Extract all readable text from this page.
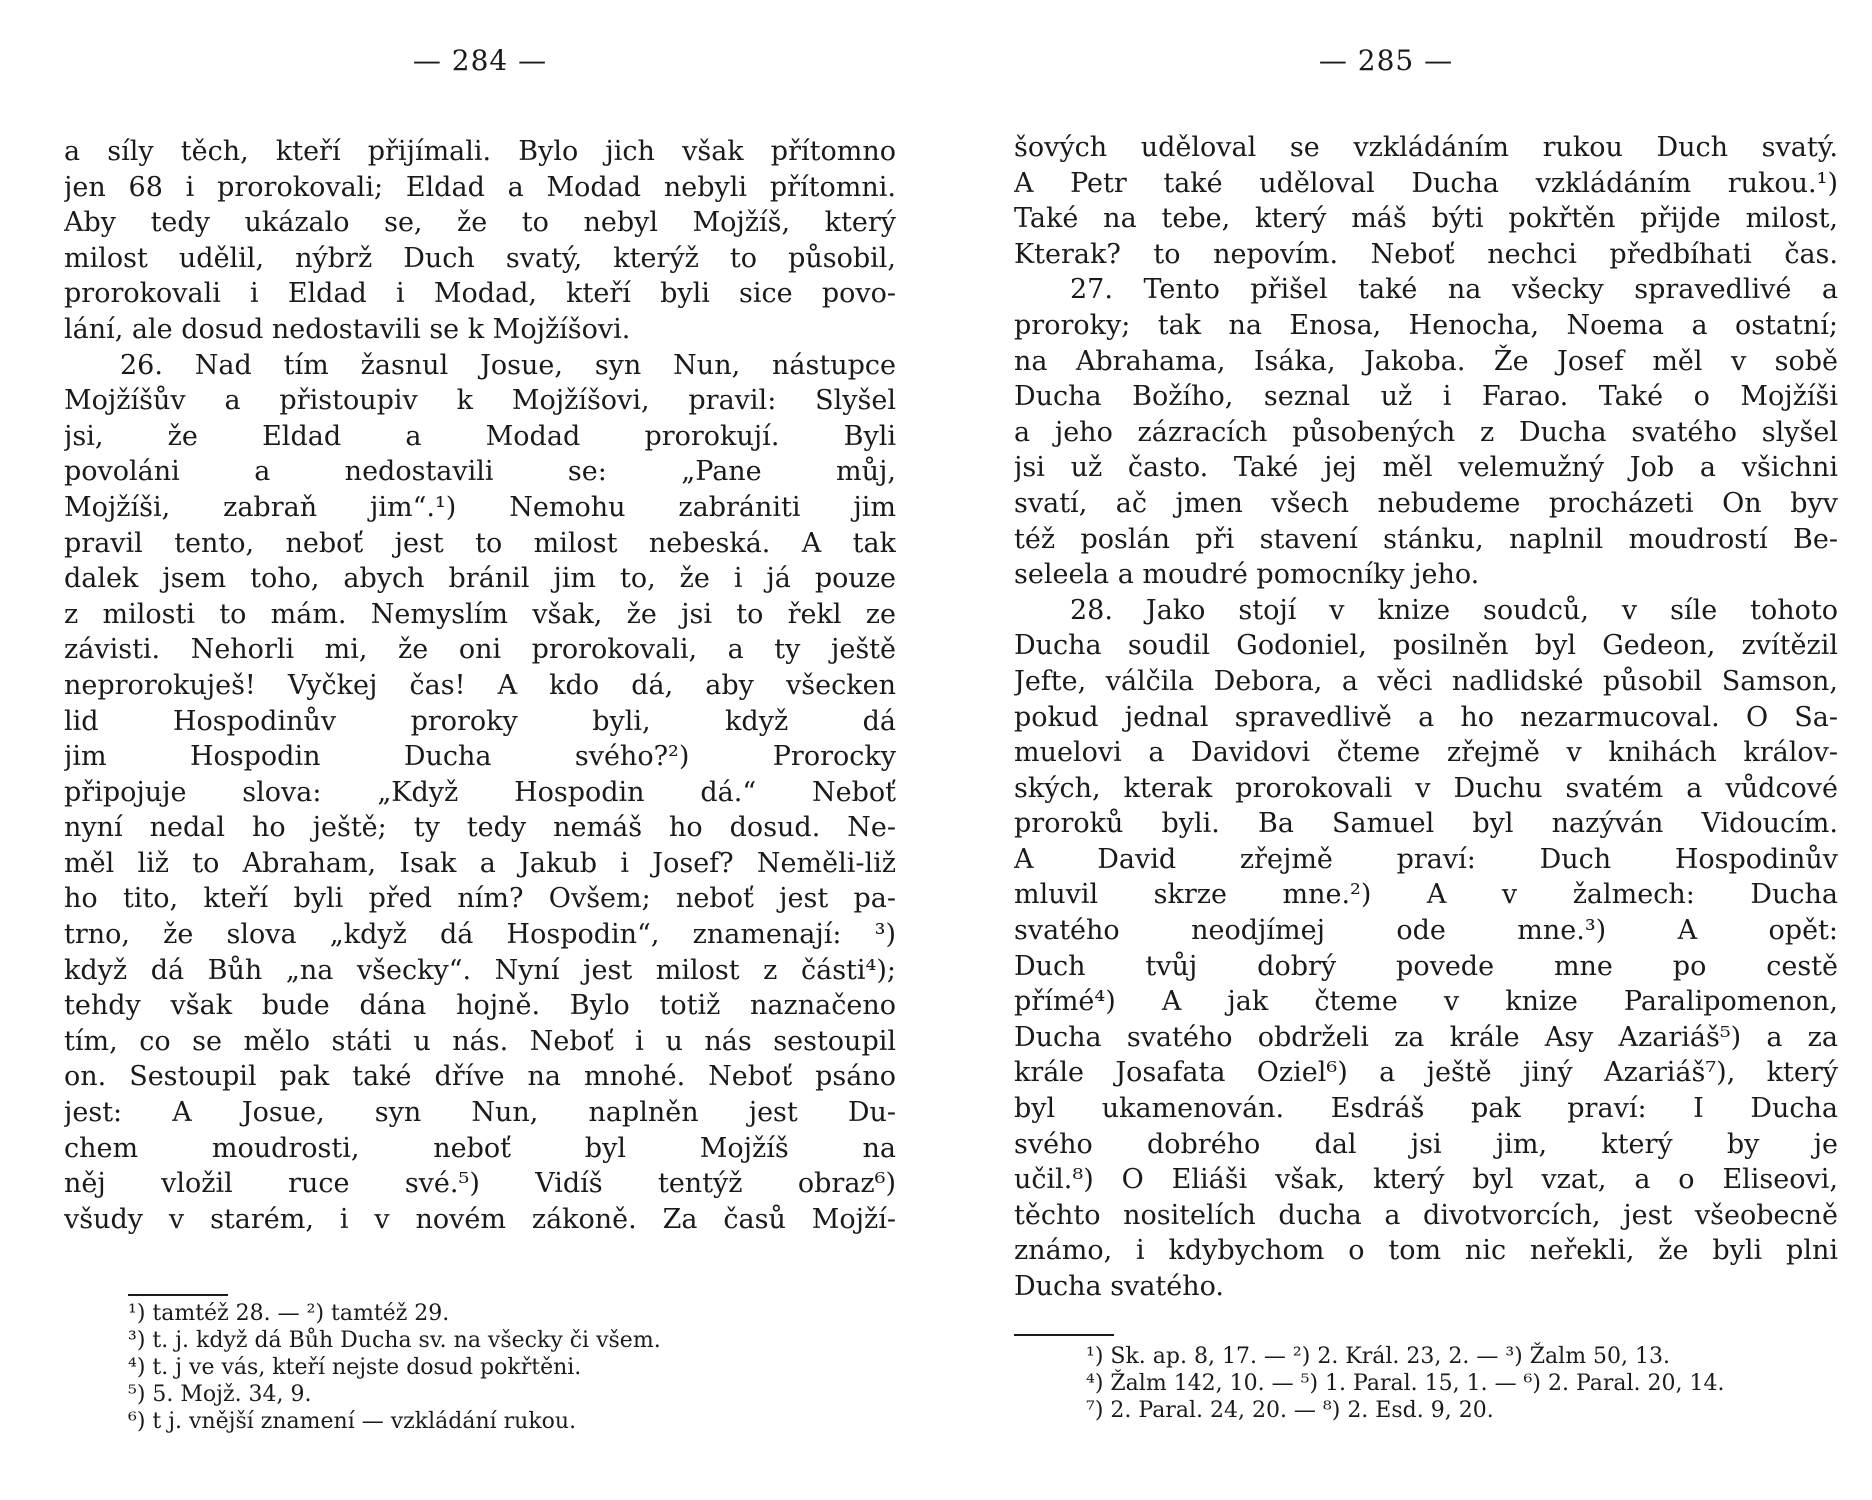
— 284 —
a síly těch, kteří přijímali. Bylo jich však přítomno
jen 68 i prorokovali; Eldad a Modad nebyli přítomni.
Aby tedy ukázalo se, že to nebyl Mojžíš, který
milost udělil, nýbrž Duch svatý, kterýž to působil,
prorokovali i Eldad i Modad, kteří byli sice povo-
lání, ale dosud nedostavili se k Mojžíšovi.
26. Nad tím žasnul Josue, syn Nun, nástupce
Mojžíšův a přistoupiv k Mojžíšovi, pravil: Slyšel
jsi, že Eldad a Modad prorokují. Byli
povoláni a nedostavili se: „Pane můj,
Mojžíši, zabraň jim“.¹) Nemohu zabrániti jim
pravil tento, neboť jest to milost nebeská. A tak
dalek jsem toho, abych bránil jim to, že i já pouze
z milosti to mám. Nemyslím však, že jsi to řekl ze
závisti. Nehorli mi, že oni prorokovali, a ty ještě
neprorokuješ! Vyčkej čas! A kdo dá, aby všecken
lid Hospodinův proroky byli, když dá
jim Hospodin Ducha svého?²) Prorocky
připojuje slova: „Když Hospodin dá.“ Neboť
nyní nedal ho ještě; ty tedy nemáš ho dosud. Ne-
měl liž to Abraham, Isak a Jakub i Josef? Neměli-liž
ho tito, kteří byli před ním? Ovšem; neboť jest pa-
trno, že slova „když dá Hospodin“, znamenají: ³)
když dá Bůh „na všecky“. Nyní jest milost z části⁴);
tehdy však bude dána hojně. Bylo totiž naznačeno
tím, co se mělo státi u nás. Neboť i u nás sestoupil
on. Sestoupil pak také dříve na mnohé. Neboť psáno
jest: A Josue, syn Nun, naplněn jest Du-
chem moudrosti, neboť byl Mojžíš na
něj vložil ruce své.⁵) Vidíš tentýž obraz⁶)
všudy v starém, i v novém zákoně. Za časů Mojží-
¹) tamtéž 28. — ²) tamtéž 29.
³) t. j. když dá Bůh Ducha sv. na všecky či všem.
⁴) t. j ve vás, kteří nejste dosud pokřtěni.
⁵) 5. Mojž. 34, 9.
⁶) t j. vnější znamení — vzkládání rukou.
— 285 —
šových uděloval se vzkládáním rukou Duch svatý.
A Petr také uděloval Ducha vzkládáním rukou.¹)
Také na tebe, který máš býti pokřtěn přijde milost,
Kterak? to nepovím. Neboť nechci předbíhati čas.
27. Tento přišel také na všecky spravedlivé a
proroky; tak na Enosa, Henocha, Noema a ostatní;
na Abrahama, Isáka, Jakoba. Že Josef měl v sobě
Ducha Božího, seznal už i Farao. Také o Mojžíši
a jeho zázracích působených z Ducha svatého slyšel
jsi už často. Také jej měl velemužný Job a všichni
svatí, ač jmen všech nebudeme procházeti On byv
též poslán při stavení stánku, naplnil moudrostí Be-
seleela a moudré pomocníky jeho.
28. Jako stojí v knize soudců, v síle tohoto
Ducha soudil Godoniel, posilněn byl Gedeon, zvítězil
Jefte, válčila Debora, a věci nadlidské působil Samson,
pokud jednal spravedlivě a ho nezarmucoval. O Sa-
muelovi a Davidovi čteme zřejmě v knihách králov-
ských, kterak prorokovali v Duchu svatém a vůdcové
proroků byli. Ba Samuel byl nazýván Vidoucím.
A David zřejmě praví: Duch Hospodinův
mluvil skrze mne.²) A v žalmech: Ducha
svatého neodjímej ode mne.³) A opět:
Duch tvůj dobrý povede mne po cestě
přímé⁴) A jak čteme v knize Paralipomenon,
Ducha svatého obdrželi za krále Asy Azariáš⁵) a za
krále Josafata Oziel⁶) a ještě jiný Azariáš⁷), který
byl ukamenován. Esdráš pak praví: I Ducha
svého dobrého dal jsi jim, který by je
učil.⁸) O Eliáši však, který byl vzat, a o Eliseovi,
těchto nositelích ducha a divotvorcích, jest všeobecně
známo, i kdybychom o tom nic neřekli, že byli plni
Ducha svatého.
¹) Sk. ap. 8, 17. — ²) 2. Král. 23, 2. — ³) Žalm 50, 13.
⁴) Žalm 142, 10. — ⁵) 1. Paral. 15, 1. — ⁶) 2. Paral. 20, 14.
⁷) 2. Paral. 24, 20. — ⁸) 2. Esd. 9, 20.
